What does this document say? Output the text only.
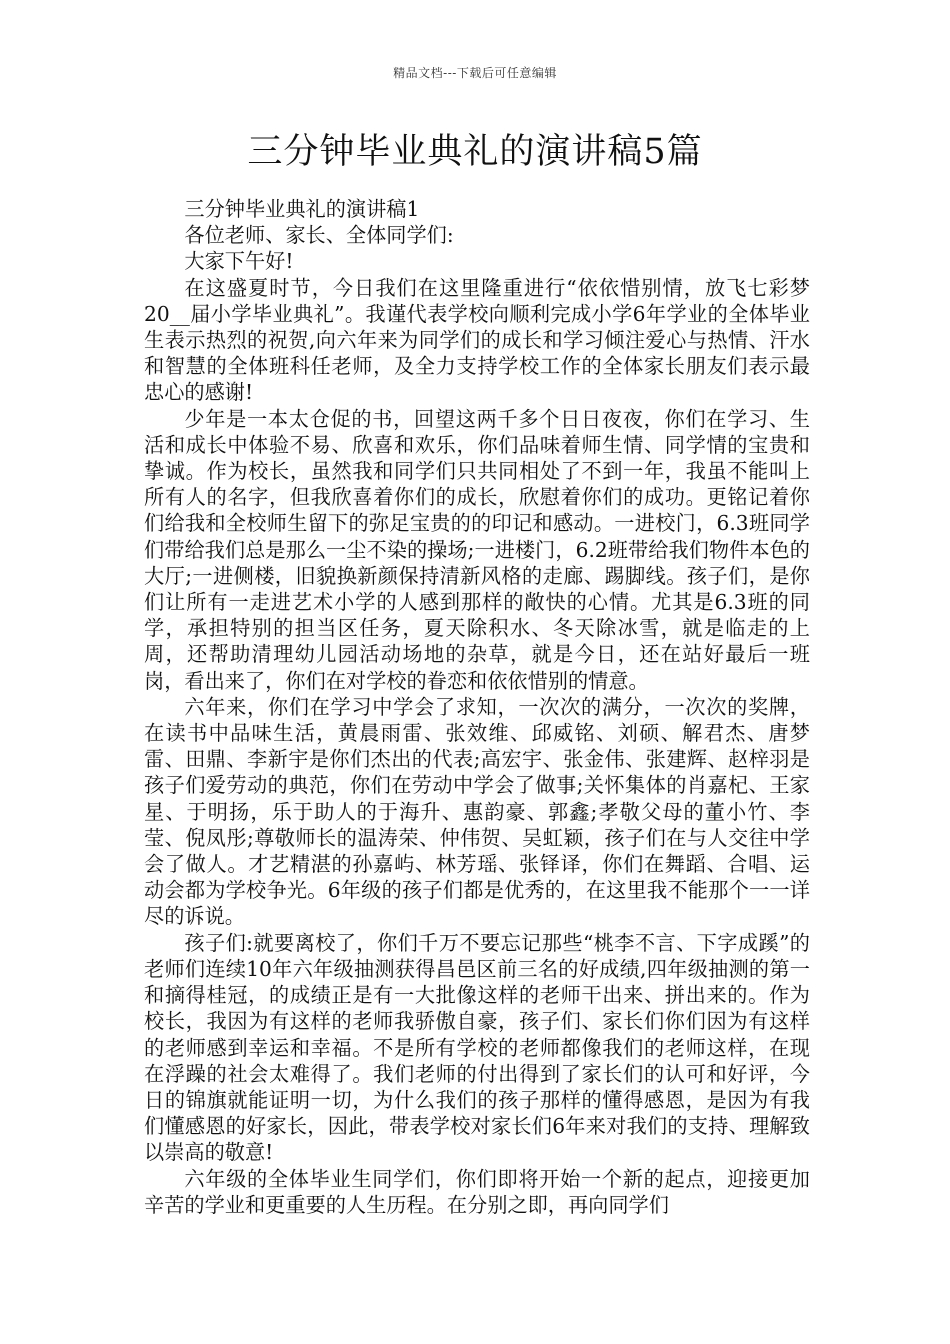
精品文档---下载后可任意编辑
三分钟毕业典礼的演讲稿5篇

三分钟毕业典礼的演讲稿1

各位老师、家长、全体同学们:

大家下午好!

在这盛夏时节，今日我们在这里隆重进行“依依惜别情，放飞七彩梦20__届小学毕业典礼”。我谨代表学校向顺利完成小学6年学业的全体毕业生表示热烈的祝贺,向六年来为同学们的成长和学习倾注爱心与热情、汗水和智慧的全体班科任老师，及全力支持学校工作的全体家长朋友们表示最忠心的感谢!

少年是一本太仓促的书，回望这两千多个日日夜夜，你们在学习、生活和成长中体验不易、欣喜和欢乐，你们品味着师生情、同学情的宝贵和挚诚。作为校长，虽然我和同学们只共同相处了不到一年，我虽不能叫上所有人的名字，但我欣喜着你们的成长，欣慰着你们的成功。更铭记着你们给我和全校师生留下的弥足宝贵的的印记和感动。一进校门，6.3班同学们带给我们总是那么一尘不染的操场;一进楼门，6.2班带给我们物件本色的大厅;一进侧楼，旧貌换新颜保持清新风格的走廊、踢脚线。孩子们，是你们让所有一走进艺术小学的人感到那样的敞快的心情。尤其是6.3班的同学，承担特别的担当区任务，夏天除积水、冬天除冰雪，就是临走的上周，还帮助清理幼儿园活动场地的杂草，就是今日，还在站好最后一班岗，看出来了，你们在对学校的眷恋和依依惜别的情意。

六年来，你们在学习中学会了求知，一次次的满分，一次次的奖牌，在读书中品味生活，黄晨雨雷、张效维、邱威铭、刘硕、解君杰、唐梦雷、田鼎、李新宇是你们杰出的代表;高宏宇、张金伟、张建辉、赵梓羽是孩子们爱劳动的典范，你们在劳动中学会了做事;关怀集体的肖嘉杞、王家星、于明扬，乐于助人的于海升、惠韵豪、郭鑫;孝敬父母的董小竹、李莹、倪凤彤;尊敬师长的温涛荣、仲伟贺、吴虹颖，孩子们在与人交往中学会了做人。才艺精湛的孙嘉屿、林芳瑶、张铎译，你们在舞蹈、合唱、运动会都为学校争光。6年级的孩子们都是优秀的，在这里我不能那个一一详尽的诉说。

孩子们:就要离校了，你们千万不要忘记那些“桃李不言、下字成蹊”的老师们连续10年六年级抽测获得昌邑区前三名的好成绩,四年级抽测的第一和摘得桂冠，的成绩正是有一大批像这样的老师干出来、拼出来的。作为校长，我因为有这样的老师我骄傲自豪，孩子们、家长们你们因为有这样的老师感到幸运和幸福。不是所有学校的老师都像我们的老师这样，在现在浮躁的社会太难得了。我们老师的付出得到了家长们的认可和好评，今日的锦旗就能证明一切，为什么我们的孩子那样的懂得感恩，是因为有我们懂感恩的好家长，因此，带表学校对家长们6年来对我们的支持、理解致以崇高的敬意!

六年级的全体毕业生同学们，你们即将开始一个新的起点，迎接更加辛苦的学业和更重要的人生历程。在分别之即，再向同学们
